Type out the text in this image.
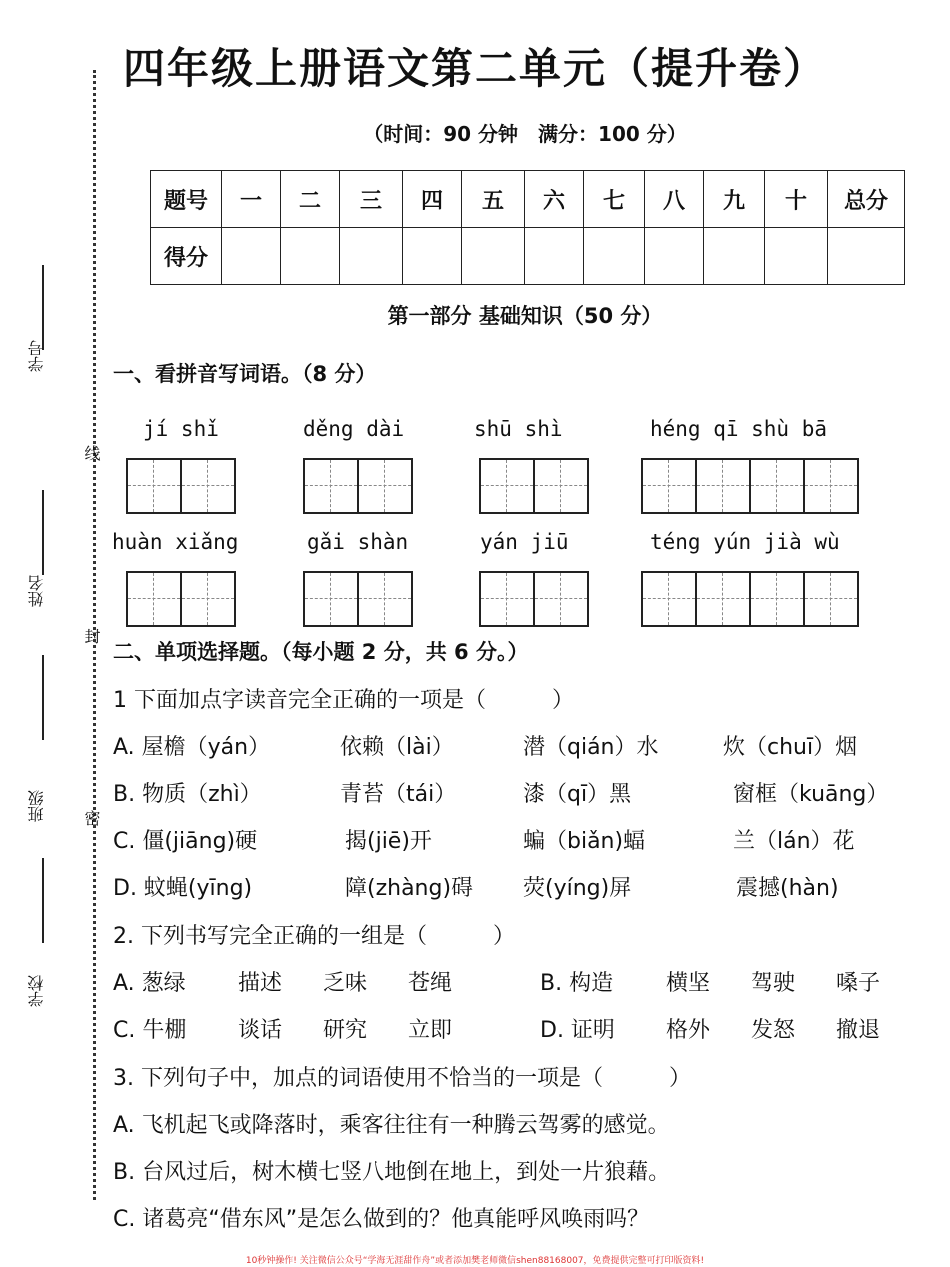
学号
姓名
班级
学校
线
封
密
四年级上册语文第二单元（提升卷）
（时间：90 分钟　满分：100 分）
题号	一	二	三	四	五	六	七	八	九	十	总分
得分											
第一部分 基础知识（50 分）
一、看拼音写词语。（8 分）
jí shǐ	děng dài	shū shì	héng qī shù bā
huàn xiǎng	gǎi shàn	yán jiū	téng yún jià wù
二、单项选择题。（每小题 2 分，共 6 分。）
1 下面加点字读音完全正确的一项是（　　　）
A. 屋檐（yán）	依赖（lài）	潜（qián）水	炊（chuī）烟
B. 物质（zhì）	青苔（tái）	漆（qī）黑	窗框（kuāng）
C. 僵(jiāng)硬	揭(jiē)开	蝙（biǎn)蝠	兰（lán）花
D. 蚊蝇(yīng)	障(zhàng)碍 荧(yíng)屏	震撼(hàn)
2. 下列书写完全正确的一组是（　　　）
A. 葱绿 描述 乏味 苍绳	B. 构造 横坚 驾驶 嗓子
C. 牛棚 谈话 研究 立即	D. 证明 格外 发怒 撤退
3. 下列句子中，加点的词语使用不恰当的一项是（　　　）
A. 飞机起飞或降落时，乘客往往有一种腾云驾雾的感觉。
B. 台风过后，树木横七竖八地倒在地上，到处一片狼藉。
C. 诸葛亮“借东风”是怎么做到的？他真能呼风唤雨吗？
10秒钟操作! 关注微信公众号“学海无涯甜作舟”或者添加樊老师微信shen88168007，免费提供完整可打印版资料!
